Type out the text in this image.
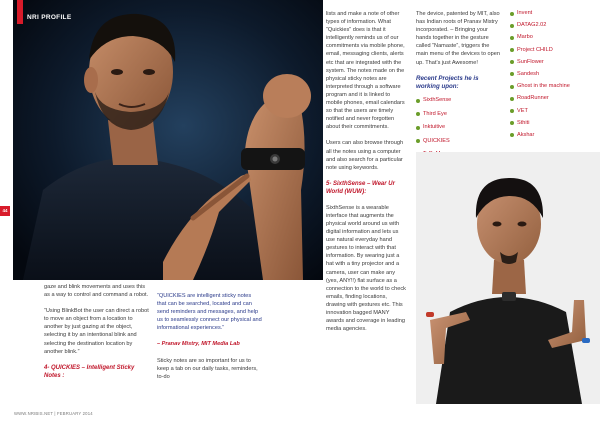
NRI PROFILE
44

gaze and blink movements and uses this as a way to control and command a robot.

“Using BlinkBot the user can direct a robot to move an object from a location to another by just gazing at the object, selecting it by an intentional blink and selecting the destination location by another blink.”

4- QUICKIES – Intelligent Sticky Notes :

“QUICKIES are intelligent sticky notes that can be searched, located and can send reminders and messages, and help us to seamlessly connect our physical and informational experiences.”

– Pranav Mistry, MIT Media Lab

Sticky notes are so important for us to keep a tab on our daily tasks, reminders, to-do

lists and make a note of other types of information. What “Quickies” does is that it intelligently reminds us of our commitments via mobile phone, email, messaging clients, alerts etc that are integrated with the system. The notes made on the physical sticky notes are interpreted through a software program and it is linked to mobile phones, email calendars so that the users are timely notified and never forgotten about their commitments.

Users can also browse through all the notes using a computer and also search for a particular note using keywords.

5- SixthSense – Wear Ur World (WUW):

SixthSense is a wearable interface that augments the physical world around us with digital information and lets us use natural everyday hand gestures to interact with that information. By wearing just a hat with a tiny projector and a camera, user can make any (yes, ANY!!) flat surface as a connection to the world to check emails, finding locations, drawing with gestures etc. This innovation bagged MANY awards and coverage in leading media agencies.

The device, patented by MIT, also has Indian roots of Pranav Mistry incorporated. – Bringing your hands together in the gesture called “Namaste”, triggers the main menu of the devices to open up. That’s just Awesome!

Recent Projects he is working upon:

SixthSense
Third Eye
Inktuitive
QUICKIES
Invent
DATAG2.02
Marbo
Project CHILD
SunFlower
Sandesh
Ghost in the machine
RoadRunner
VET
Sthiti
Akshar
WWW.NRIBIS.NET | FEBRUARY 2014
